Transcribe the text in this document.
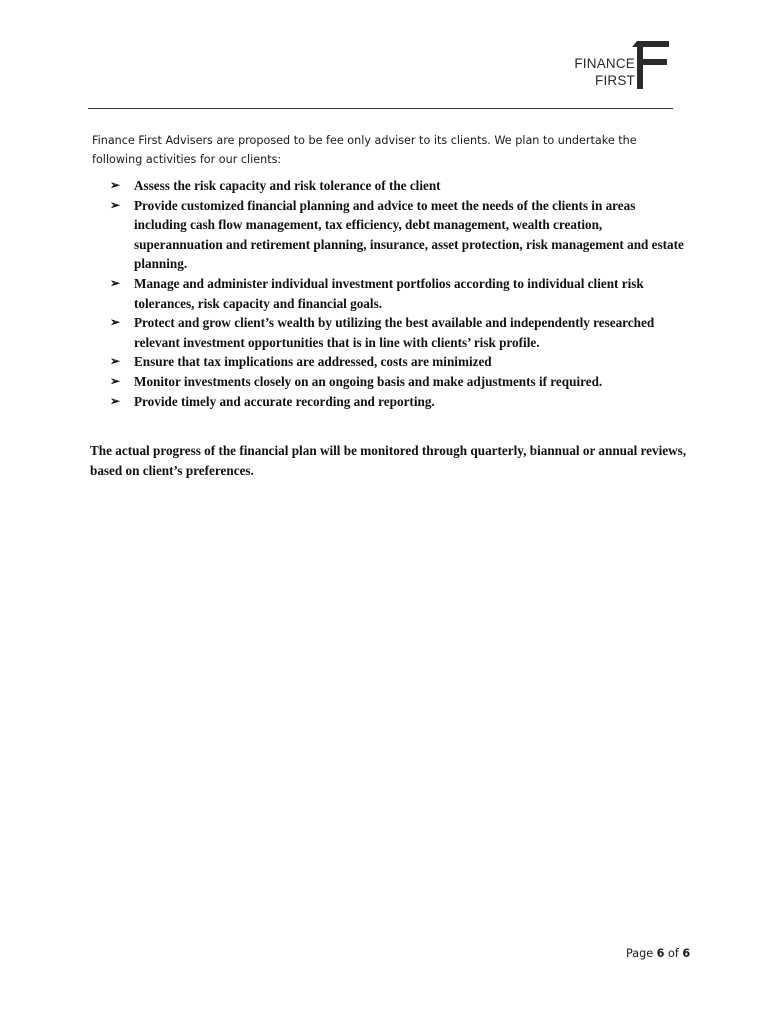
FINANCE
FIRST

Finance First Advisers are proposed to be fee only adviser to its clients. We plan to undertake the following activities for our clients:

➢ Assess the risk capacity and risk tolerance of the client
➢ Provide customized financial planning and advice to meet the needs of the clients in areas including cash flow management, tax efficiency, debt management, wealth creation, superannuation and retirement planning, insurance, asset protection, risk management and estate planning.
➢ Manage and administer individual investment portfolios according to individual client risk tolerances, risk capacity and financial goals.
➢ Protect and grow client’s wealth by utilizing the best available and independently researched relevant investment opportunities that is in line with clients’ risk profile.
➢ Ensure that tax implications are addressed, costs are minimized
➢ Monitor investments closely on an ongoing basis and make adjustments if required.
➢ Provide timely and accurate recording and reporting.

The actual progress of the financial plan will be monitored through quarterly, biannual or annual reviews, based on client’s preferences.

Page 6 of 6
